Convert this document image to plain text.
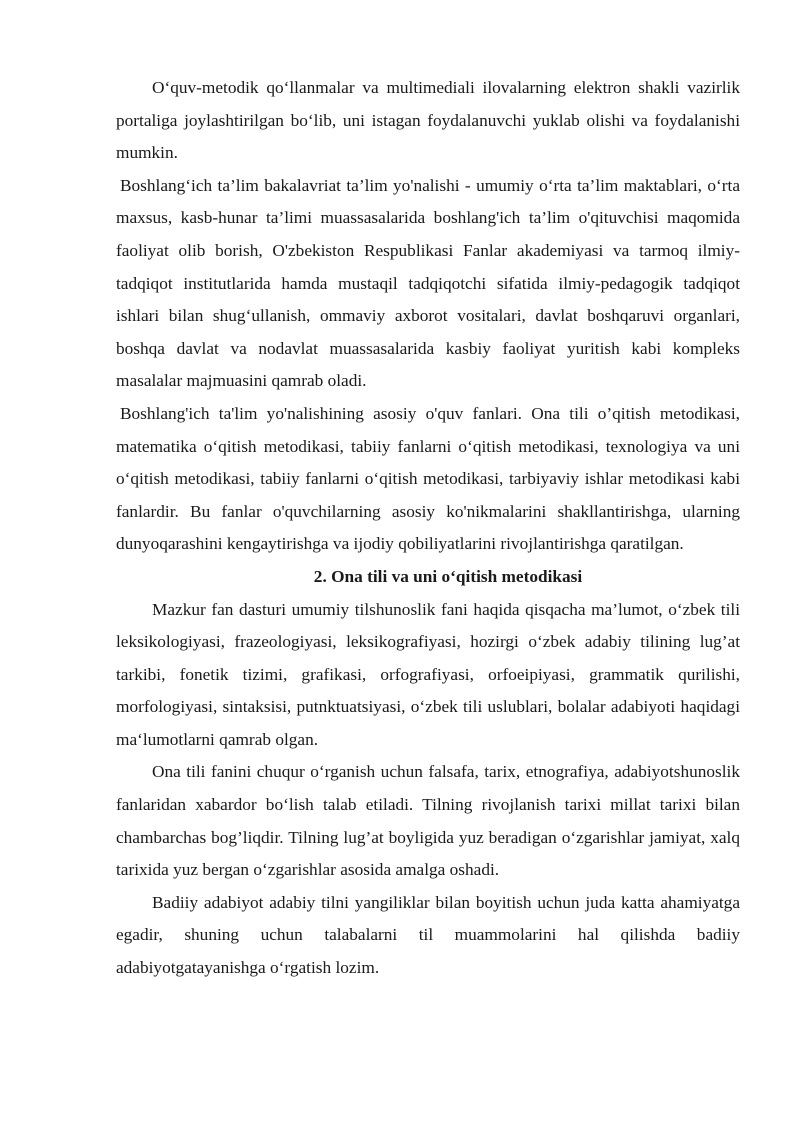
O‘quv-metodik qo‘llanmalar va multimediali ilovalarning elektron shakli vazirlik portaliga joylashtirilgan bo‘lib, uni istagan foydalanuvchi yuklab olishi va foydalanishi mumkin.

Boshlang‘ich ta’lim bakalavriat ta’lim yo'nalishi - umumiy o‘rta ta’lim maktablari, o‘rta maxsus, kasb-hunar ta’limi muassasalarida boshlang'ich ta’lim o'qituvchisi maqomida faoliyat olib borish, O'zbekiston Respublikasi Fanlar akademiyasi va tarmoq ilmiy-tadqiqot institutlarida hamda mustaqil tadqiqotchi sifatida ilmiy-pedagogik tadqiqot ishlari bilan shug‘ullanish, ommaviy axborot vositalari, davlat boshqaruvi organlari, boshqa davlat va nodavlat muassasalarida kasbiy faoliyat yuritish kabi kompleks masalalar majmuasini qamrab oladi.

Boshlang'ich ta'lim yo'nalishining asosiy o'quv fanlari. Ona tili o’qitish metodikasi, matematika o‘qitish metodikasi, tabiiy fanlarni o‘qitish metodikasi, texnologiya va uni o‘qitish metodikasi, tabiiy fanlarni o‘qitish metodikasi, tarbiyaviy ishlar metodikasi kabi fanlardir. Bu fanlar o'quvchilarning asosiy ko'nikmalarini shakllantirishga, ularning dunyoqarashini kengaytirishga va ijodiy qobiliyatlarini rivojlantirishga qaratilgan.

2. Ona tili va uni o‘qitish metodikasi

Mazkur fan dasturi umumiy tilshunoslik fani haqida qisqacha ma’lumot, o‘zbek tili leksikologiyasi, frazeologiyasi, leksikografiyasi, hozirgi o‘zbek adabiy tilining lug’at tarkibi, fonetik tizimi, grafikasi, orfografiyasi, orfoeipiyasi, grammatik qurilishi, morfologiyasi, sintaksisi, putnktuatsiyasi, o‘zbek tili uslublari, bolalar adabiyoti haqidagi ma‘lumotlarni qamrab olgan.

Ona tili fanini chuqur o‘rganish uchun falsafa, tarix, etnografiya, adabiyotshunoslik fanlaridan xabardor bo‘lish talab etiladi. Tilning rivojlanish tarixi millat tarixi bilan chambarchas bog’liqdir. Tilning lug’at boyligida yuz beradigan o‘zgarishlar jamiyat, xalq tarixida yuz bergan o‘zgarishlar asosida amalga oshadi.

Badiiy adabiyot adabiy tilni yangiliklar bilan boyitish uchun juda katta ahamiyatga egadir, shuning uchun talabalarni til muammolarini hal qilishda badiiy adabiyotgatayanishga o‘rgatish lozim.
